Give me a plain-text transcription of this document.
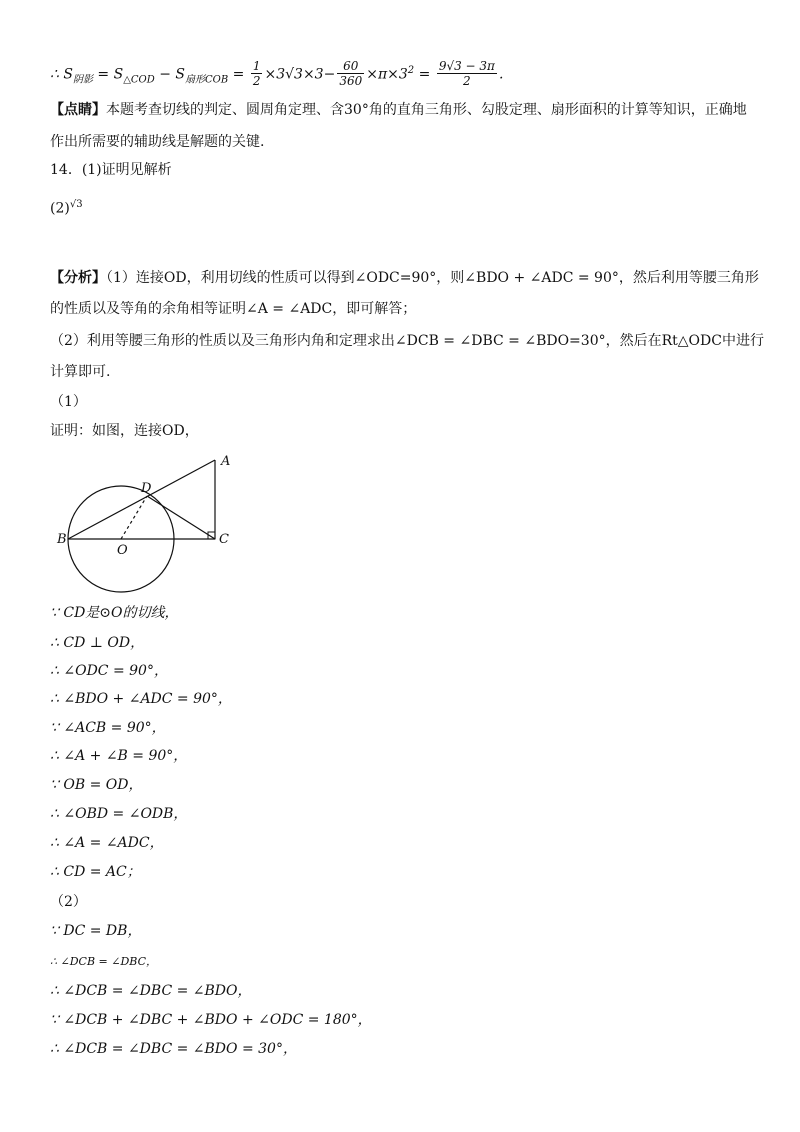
∴ $S_{阴影} = S_{\triangle COD} - S_{扇形COB} = \frac{1}{2} \times 3√3\times 3- \frac{60}{360} \times\pi\times 3^2 = \frac{9√3 - 3\pi}{2}$ .
【点睛】本题考查切线的判定、圆周角定理、含30°角的直角三角形、勾股定理、扇形面积的计算等知识，正确地
作出所需要的辅助线是解题的关键.
14．(1)证明见解析
$(2)^{√3}$
【分析】（1）连接OD，利用切线的性质可以得到∠ODC=90°，则∠BDO + ∠ADC = 90°，然后利用等腰三角形
的性质以及等角的余角相等证明∠A = ∠ADC，即可解答；
（2）利用等腰三角形的性质以及三角形内角和定理求出∠DCB = ∠DBC = ∠BDO=30°，然后在Rt△ODC中进行
计算即可.
（1）
证明：如图，连接OD，
A
B	C
D
O
∵ CD是⊙O的切线，
∴ CD ⊥ OD，
∴ ∠ODC = 90°，
∴ ∠BDO + ∠ADC = 90°，
∵ ∠ACB = 90°，
∴ ∠A + ∠B = 90°，
∵ OB = OD，
∴ ∠OBD = ∠ODB，
∴ ∠A = ∠ADC，
∴ CD = AC；
（2）
∵ DC = DB，
∴ ∠DCB = ∠DBC，
∴ ∠DCB = ∠DBC = ∠BDO，
∵ ∠DCB + ∠DBC + ∠BDO + ∠ODC = 180°，
∴ ∠DCB = ∠DBC = ∠BDO = 30°，
